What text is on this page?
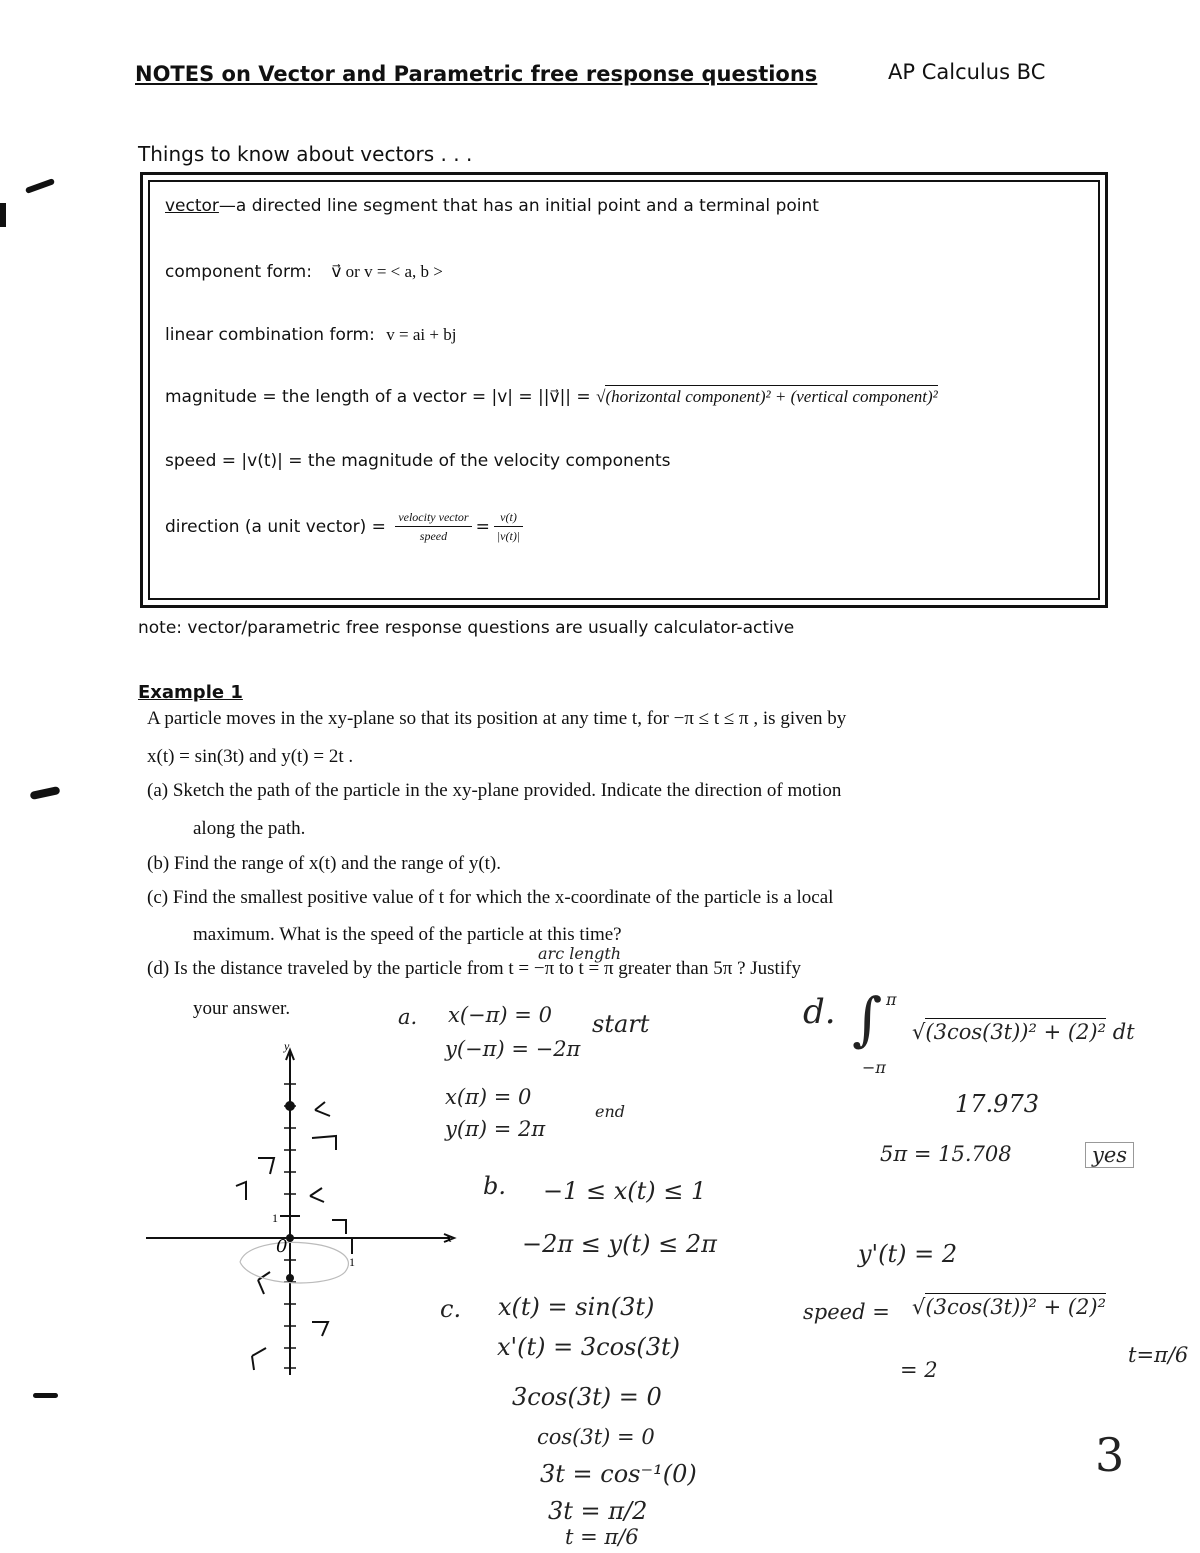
NOTES on Vector and Parametric free response questions	AP Calculus BC
Things to know about vectors . . .
vector—a directed line segment that has an initial point and a terminal point
component form: v⃗ or v = < a, b >
linear combination form: v = ai + bj
magnitude = the length of a vector = |v| = ||v⃗|| = √(horizontal component)² + (vertical component)²
speed = |v(t)| = the magnitude of the velocity components
direction (a unit vector) = $\frac{\text{velocity vector}}{\text{speed}} = \frac{v(t)}{|v(t)|}$
note: vector/parametric free response questions are usually calculator-active
Example 1
A particle moves in the xy-plane so that its position at any time t, for −π ≤ t ≤ π , is given by
x(t) = sin(3t) and y(t) = 2t .
(a) Sketch the path of the particle in the xy-plane provided. Indicate the direction of motion
along the path.
(b) Find the range of x(t) and the range of y(t).
(c) Find the smallest positive value of t for which the x-coordinate of the particle is a local
maximum. What is the speed of the particle at this time?
arc length
(d) Is the distance traveled by the particle from t = −π to t = π greater than 5π ? Justify
your answer.	a. x(−π) = 0
y(−π) = −2π
start
x(π) = 0
y(π) = 2π
end
b. −1 ≤ x(t) ≤ 1
−2π ≤ y(t) ≤ 2π
c. x(t) = sin(3t)
x'(t) = 3cos(3t)
3cos(3t) = 0
cos(3t) = 0
3t = cos⁻¹(0)
3t = π/2
t = π/6
d. ∫ π
−π
√(3cos(3t))² + (2)² dt
17.973
5π = 15.708	yes
y'(t) = 2
speed = √(3cos(3t))² + (2)²
= 2
t=π/6
3
x
y
1
1
0
